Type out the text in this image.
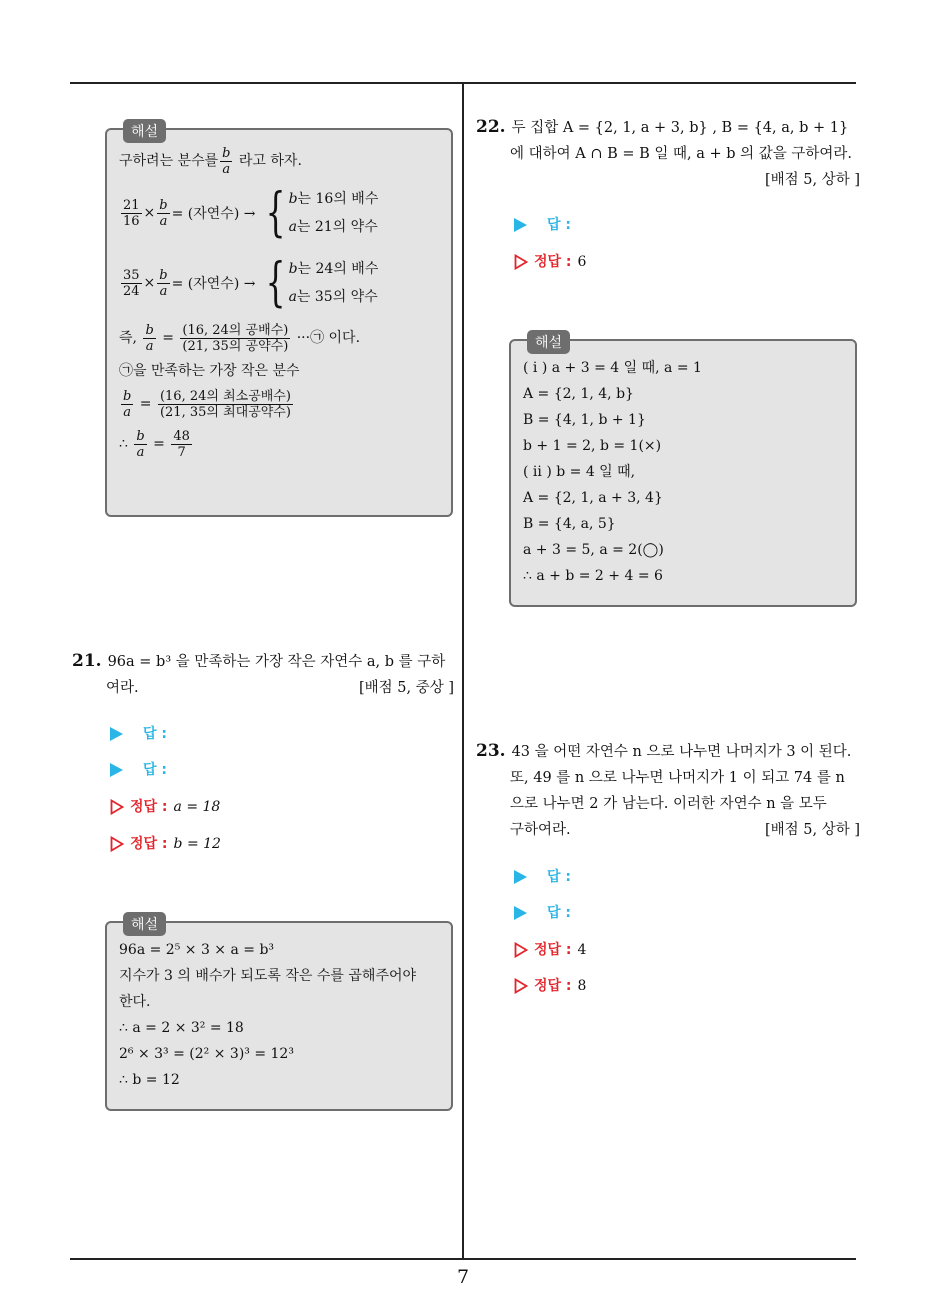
7
해설
구하려는 분수를 $\frac{b}{a}$ 라고 하자.
$\frac{21}{16} \times \frac{b}{a}$ = (자연수) → { b는 16의 배수
a는 21의 약수
$\frac{35}{24} \times \frac{b}{a}$ = (자연수) → { b는 24의 배수
a는 35의 약수
즉, $\frac{b}{a} = \frac{\text{(16, 24의 공배수)}}{\text{(21, 35의 공약수)}}$ ···㉠ 이다.
㉠을 만족하는 가장 작은 분수
$\frac{b}{a} = \frac{\text{(16, 24의 최소공배수)}}{\text{(21, 35의 최대공약수)}}$
∴ $\frac{b}{a} = \frac{48}{7}$
21. 96a = b³ 을 만족하는 가장 작은 자연수 a, b 를 구하
여라.	[배점 5, 중상 ]
답 :
답 :
정답 : a = 18
정답 : b = 12
해설
96a = 2⁵ × 3 × a = b³
지수가 3 의 배수가 되도록 작은 수를 곱해주어야
한다.
∴ a = 2 × 3² = 18
2⁶ × 3³ = (2² × 3)³ = 12³
∴ b = 12
22. 두 집합 A = {2, 1, a + 3, b} , B = {4, a, b + 1}
에 대하여 A ∩ B = B 일 때, a + b 의 값을 구하여라.
[배점 5, 상하 ]
답 :
정답 : 6
해설
( i ) a + 3 = 4 일 때, a = 1
A = {2, 1, 4, b}
B = {4, 1, b + 1}
b + 1 = 2, b = 1(×)
( ii ) b = 4 일 때,
A = {2, 1, a + 3, 4}
B = {4, a, 5}
a + 3 = 5, a = 2(◯)
∴ a + b = 2 + 4 = 6
23. 43 을 어떤 자연수 n 으로 나누면 나머지가 3 이 된다.
또, 49 를 n 으로 나누면 나머지가 1 이 되고 74 를 n
으로 나누면 2 가 남는다. 이러한 자연수 n 을 모두
구하여라.	[배점 5, 상하 ]
답 :
답 :
정답 : 4
정답 : 8
